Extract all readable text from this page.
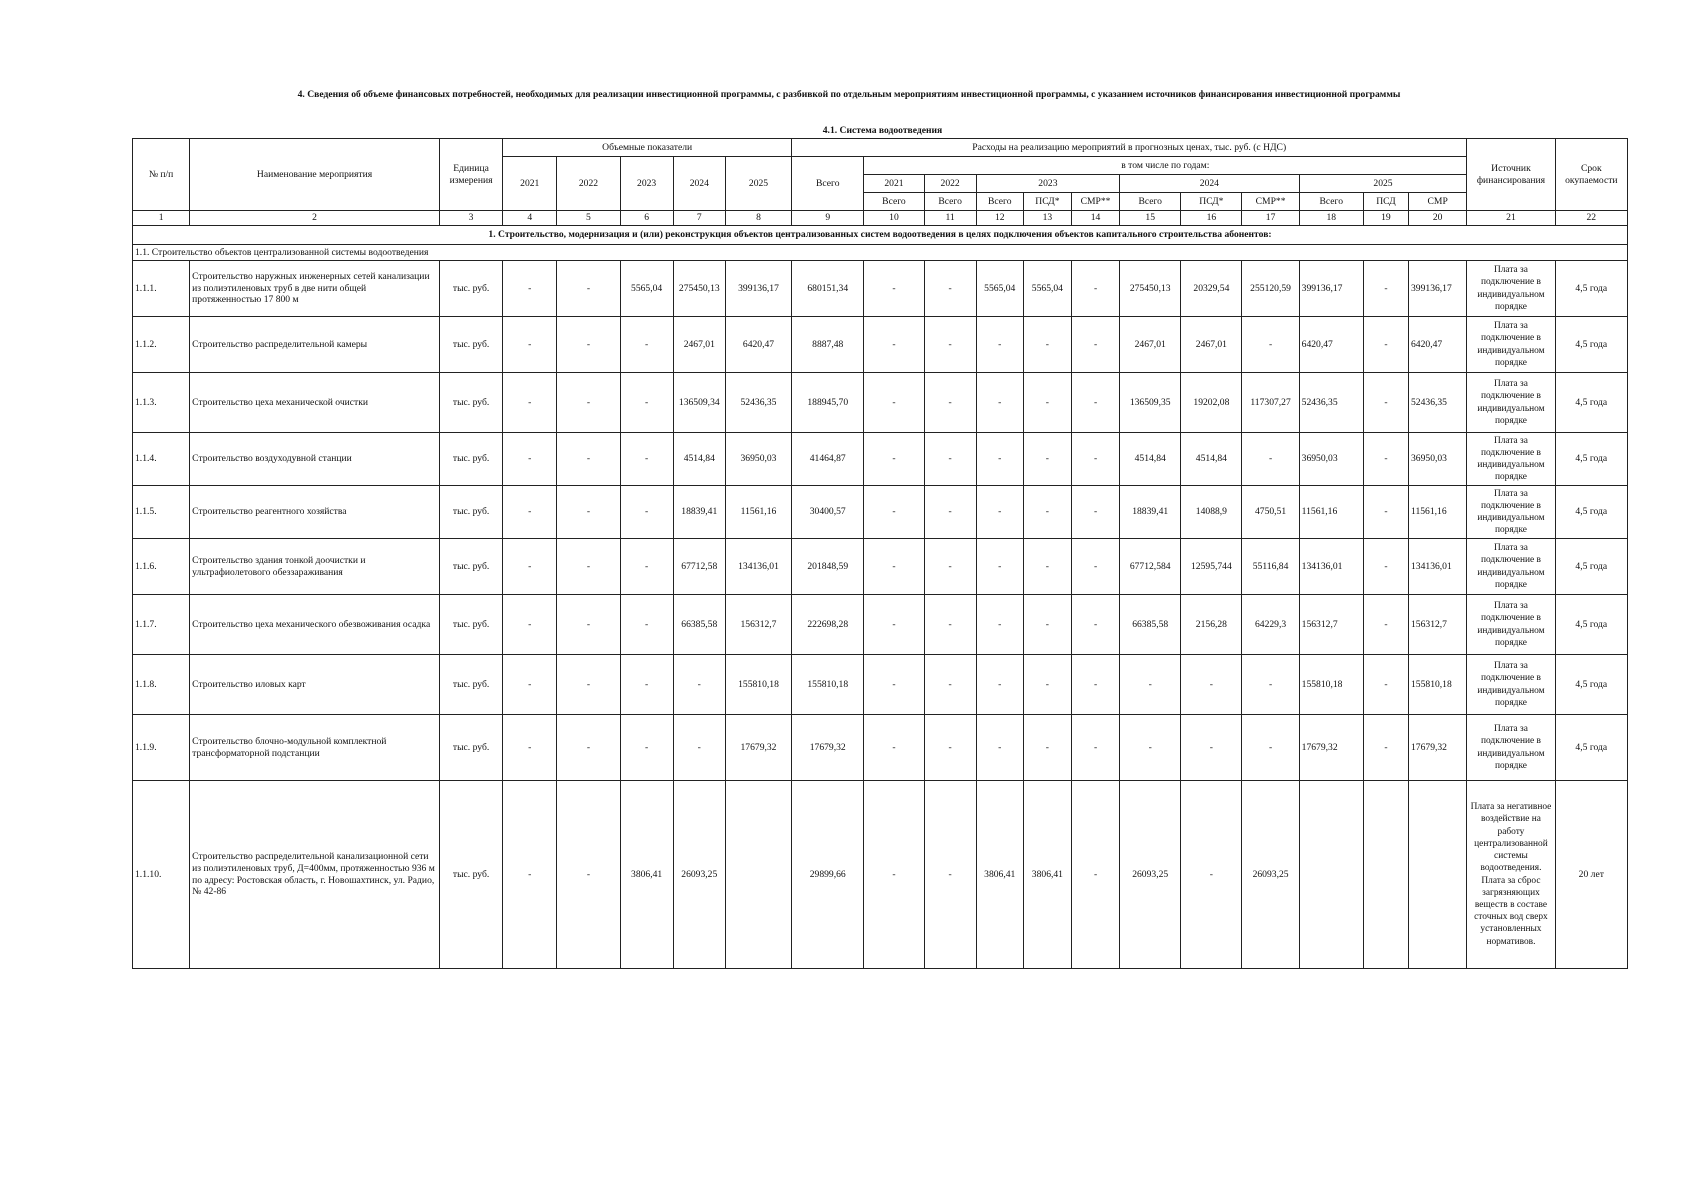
4. Сведения об объеме финансовых потребностей, необходимых для реализации инвестиционной программы, с разбивкой по отдельным мероприятиям инвестиционной программы, с указанием источников финансирования инвестиционной программы
4.1. Система водоотведения
№ п/п	Наименование мероприятия	Единица измерения	Объемные показатели					Расходы на реализацию мероприятий в прогнозных ценах, тыс. руб. (с НДС)												Источник финансирования	Срок окупаемости
			2021	2022	2023	2024	2025	Всего	в том числе по годам:												
									2021	2022	2023			2024			2025				
									Всего	Всего	Всего	ПСД*	СМР**	Всего	ПСД*	СМР**	Всего	ПСД	СМР		
1	2	3	4	5	6	7	8	9	10	11	12	13	14	15	16	17	18	19	20	21	22
1. Строительство, модернизация и (или) реконструкция объектов централизованных систем водоотведения в целях подключения объектов капитального строительства абонентов:																					
1.1. Строительство объектов централизованной системы водоотведения																					
1.1.1.	Строительство наружных инженерных сетей канализации из полиэтиленовых труб в две нити общей протяженностью 17 800 м	тыс. руб.	-	-	5565,04	275450,13	399136,17	680151,34	-	-	5565,04	5565,04	-	275450,13	20329,54	255120,59	399136,17	-	399136,17	Плата за подключение в индивидуальном порядке	4,5 года
1.1.2.	Строительство распределительной камеры	тыс. руб.	-	-	-	2467,01	6420,47	8887,48	-	-	-	-	-	2467,01	2467,01	-	6420,47	-	6420,47	Плата за подключение в индивидуальном порядке	4,5 года
1.1.3.	Строительство цеха механической очистки	тыс. руб.	-	-	-	136509,34	52436,35	188945,70	-	-	-	-	-	136509,35	19202,08	117307,27	52436,35	-	52436,35	Плата за подключение в индивидуальном порядке	4,5 года
1.1.4.	Строительство воздуходувной станции	тыс. руб.	-	-	-	4514,84	36950,03	41464,87	-	-	-	-	-	4514,84	4514,84	-	36950,03	-	36950,03	Плата за подключение в индивидуальном порядке	4,5 года
1.1.5.	Строительство реагентного хозяйства	тыс. руб.	-	-	-	18839,41	11561,16	30400,57	-	-	-	-	-	18839,41	14088,9	4750,51	11561,16	-	11561,16	Плата за подключение в индивидуальном порядке	4,5 года
1.1.6.	Строительство здания тонкой доочистки и ультрафиолетового обеззараживания	тыс. руб.	-	-	-	67712,58	134136,01	201848,59	-	-	-	-	-	67712,584	12595,744	55116,84	134136,01	-	134136,01	Плата за подключение в индивидуальном порядке	4,5 года
1.1.7.	Строительство цеха механического обезвоживания осадка	тыс. руб.	-	-	-	66385,58	156312,7	222698,28	-	-	-	-	-	66385,58	2156,28	64229,3	156312,7	-	156312,7	Плата за подключение в индивидуальном порядке	4,5 года
1.1.8.	Строительство иловых карт	тыс. руб.	-	-	-	-	155810,18	155810,18	-	-	-	-	-	-	-	-	155810,18	-	155810,18	Плата за подключение в индивидуальном порядке	4,5 года
1.1.9.	Строительство блочно-модульной комплектной трансформаторной подстанции	тыс. руб.	-	-	-	-	17679,32	17679,32	-	-	-	-	-	-	-	-	17679,32	-	17679,32	Плата за подключение в индивидуальном порядке	4,5 года
1.1.10.	Строительство распределительной канализационной сети из полиэтиленовых труб, Д=400мм, протяженностью 936 м по адресу: Ростовская область, г. Новошахтинск, ул. Радио, № 42-86	тыс. руб.	-	-	3806,41	26093,25		29899,66	-	-	3806,41	3806,41	-	26093,25	-	26093,25				Плата за негативное воздействие на работу централизованной системы водоотведения. Плата за сброс загрязняющих веществ в составе сточных вод сверх установленных нормативов.	20 лет
